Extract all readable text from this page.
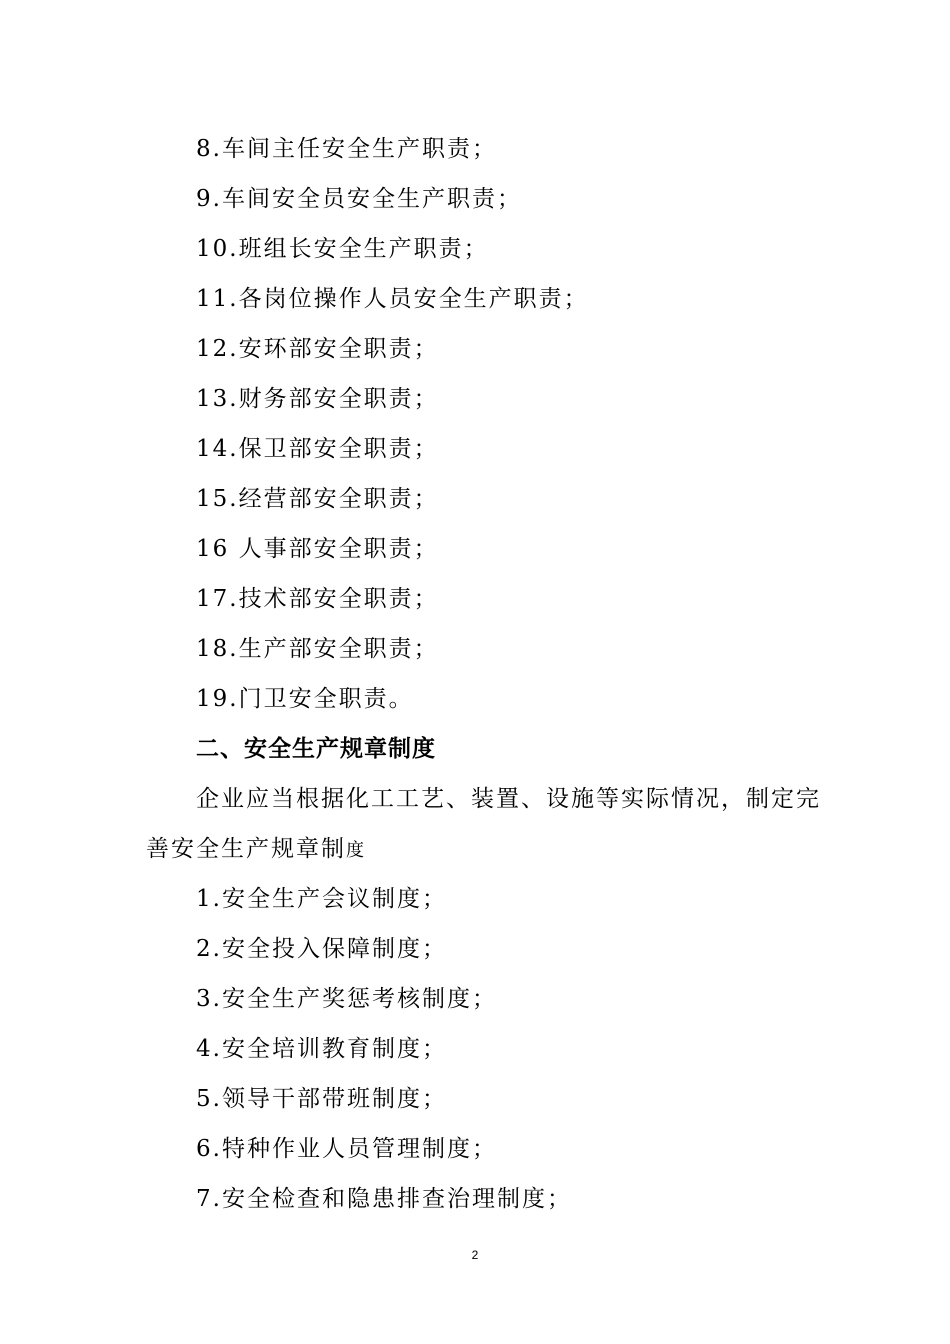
8.车间主任安全生产职责；
9.车间安全员安全生产职责；
10.班组长安全生产职责；
11.各岗位操作人员安全生产职责；
12.安环部安全职责；
13.财务部安全职责；
14.保卫部安全职责；
15.经营部安全职责；
16 人事部安全职责；
17.技术部安全职责；
18.生产部安全职责；
19.门卫安全职责。
二、安全生产规章制度
企业应当根据化工工艺、装置、设施等实际情况，制定完
善安全生产规章制度
1.安全生产会议制度；
2.安全投入保障制度；
3.安全生产奖惩考核制度；
4.安全培训教育制度；
5.领导干部带班制度；
6.特种作业人员管理制度；
7.安全检查和隐患排查治理制度；
2
